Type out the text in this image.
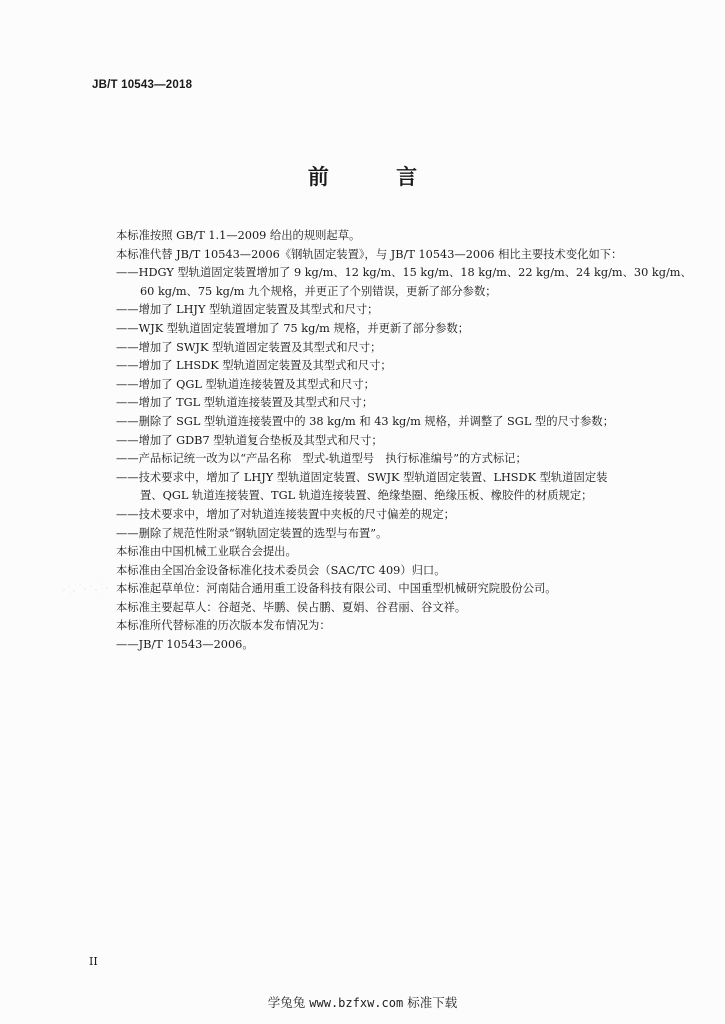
JB/T 10543—2018
前 言

本标准按照 GB/T 1.1—2009 给出的规则起草。

本标准代替 JB/T 10543—2006《钢轨固定装置》，与 JB/T 10543—2006 相比主要技术变化如下：

——HDGY 型轨道固定装置增加了 9 kg/m、12 kg/m、15 kg/m、18 kg/m、22 kg/m、24 kg/m、30 kg/m、
60 kg/m、75 kg/m 九个规格，并更正了个别错误，更新了部分参数；
——增加了 LHJY 型轨道固定装置及其型式和尺寸；
——WJK 型轨道固定装置增加了 75 kg/m 规格，并更新了部分参数；
——增加了 SWJK 型轨道固定装置及其型式和尺寸；
——增加了 LHSDK 型轨道固定装置及其型式和尺寸；
——增加了 QGL 型轨道连接装置及其型式和尺寸；
——增加了 TGL 型轨道连接装置及其型式和尺寸；
——删除了 SGL 型轨道连接装置中的 38 kg/m 和 43 kg/m 规格，并调整了 SGL 型的尺寸参数；
——增加了 GDB7 型轨道复合垫板及其型式和尺寸；
——产品标记统一改为以“产品名称　型式-轨道型号　执行标准编号”的方式标记；
——技术要求中，增加了 LHJY 型轨道固定装置、SWJK 型轨道固定装置、LHSDK 型轨道固定装
置、QGL 轨道连接装置、TGL 轨道连接装置、绝缘垫圈、绝缘压板、橡胶件的材质规定；
——技术要求中，增加了对轨道连接装置中夹板的尺寸偏差的规定；
——删除了规范性附录“钢轨固定装置的选型与布置”。

本标准由中国机械工业联合会提出。

本标准由全国冶金设备标准化技术委员会（SAC/TC 409）归口。

本标准起草单位：河南陆合通用重工设备科技有限公司、中国重型机械研究院股份公司。

本标准主要起草人：谷超尧、毕鹏、侯占鹏、夏娟、谷君丽、谷文祥。

本标准所代替标准的历次版本发布情况为：

——JB/T 10543—2006。

II
学兔兔 www.bzfxw.com 标准下载
